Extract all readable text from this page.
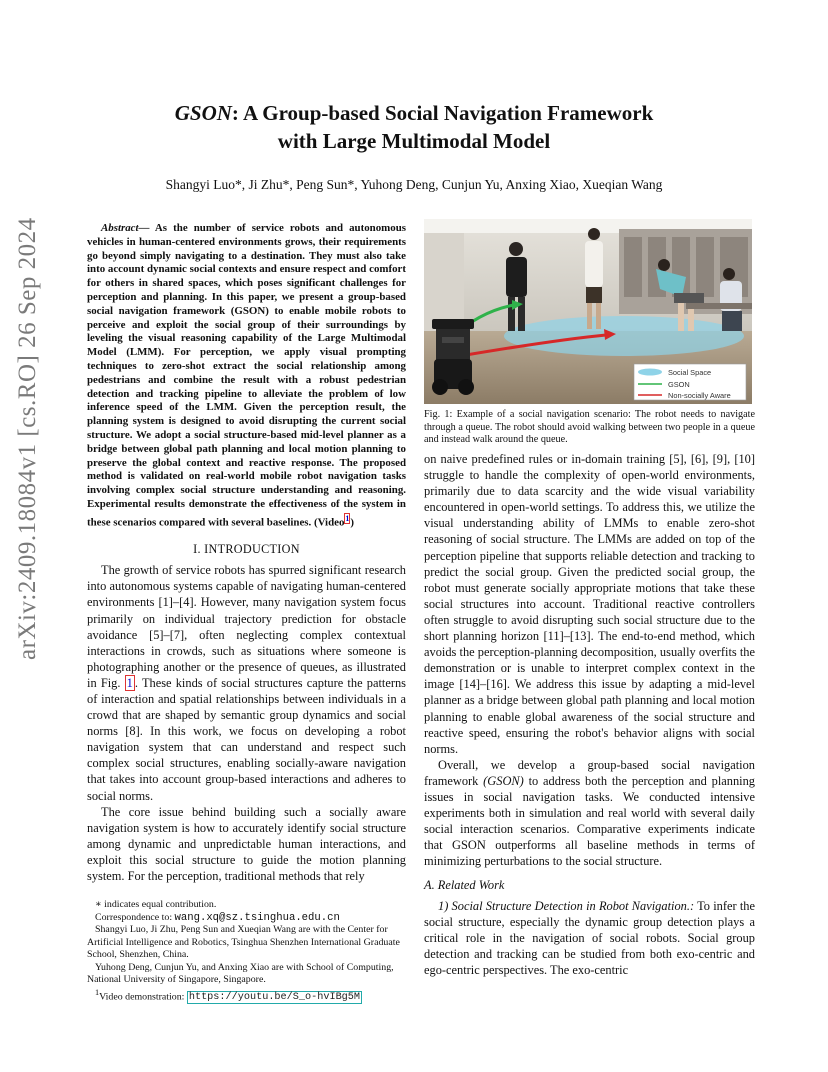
arXiv:2409.18084v1 [cs.RO] 26 Sep 2024
GSON: A Group-based Social Navigation Framework
with Large Multimodal Model
Shangyi Luo*, Ji Zhu*, Peng Sun*, Yuhong Deng, Cunjun Yu, Anxing Xiao, Xueqian Wang

Abstract— As the number of service robots and autonomous vehicles in human-centered environments grows, their requirements go beyond simply navigating to a destination. They must also take into account dynamic social contexts and ensure respect and comfort for others in shared spaces, which poses significant challenges for perception and planning. In this paper, we present a group-based social navigation framework (GSON) to enable mobile robots to perceive and exploit the social group of their surroundings by leveling the visual reasoning capability of the Large Multimodal Model (LMM). For perception, we apply visual prompting techniques to zero-shot extract the social relationship among pedestrians and combine the result with a robust pedestrian detection and tracking pipeline to alleviate the problem of low inference speed of the LMM. Given the perception result, the planning system is designed to avoid disrupting the current social structure. We adopt a social structure-based mid-level planner as a bridge between global path planning and local motion planning to preserve the global context and reactive response. The proposed method is validated on real-world mobile robot navigation tasks involving complex social structure understanding and reasoning. Experimental results demonstrate the effectiveness of the system in these scenarios compared with several baselines. (Video$^1$)

I. INTRODUCTION

The growth of service robots has spurred significant research into autonomous systems capable of navigating human-centered environments [1]–[4]. However, many navigation system focus primarily on individual trajectory prediction for obstacle avoidance [5]–[7], often neglecting complex contextual interactions in crowds, such as situations where someone is photographing another or the presence of queues, as illustrated in Fig. 1 . These kinds of social structures capture the patterns of interaction and spatial relationships between individuals in a crowd that are shaped by semantic group dynamics and social norms [8]. In this work, we focus on developing a robot navigation system that can understand and respect such complex social structures, enabling socially-aware navigation that takes into account group-based interactions and adheres to social norms.

The core issue behind building such a socially aware navigation system is how to accurately identify social structure among dynamic and unpredictable human interactions, and exploit this social structure to guide the motion planning system. For the perception, traditional methods that rely

∗ indicates equal contribution.

Correspondence to: wang.xq@sz.tsinghua.edu.cn

Shangyi Luo, Ji Zhu, Peng Sun and Xueqian Wang are with the Center for Artificial Intelligence and Robotics, Tsinghua Shenzhen International Graduate School, Shenzhen, China.

Yuhong Deng, Cunjun Yu, and Anxing Xiao are with School of Computing, National University of Singapore, Singapore.

$^1$Video demonstration: https://youtu.be/S_o-hvIBg5M

Social Space
GSON
Non-socially Aware
Fig. 1: Example of a social navigation scenario: The robot needs to navigate through a queue. The robot should avoid walking between two people in a queue and instead walk around the queue.

on naive predefined rules or in-domain training [5], [6], [9], [10] struggle to handle the complexity of open-world environments, primarily due to data scarcity and the wide visual variability encountered in open-world settings. To address this, we utilize the visual understanding ability of LMMs to enable zero-shot reasoning of social structure. The LMMs are added on top of the perception pipeline that supports reliable detection and tracking to predict the social group. Given the predicted social group, the robot must generate socially appropriate motions that take these social structures into account. Traditional reactive controllers often struggle to avoid disrupting such social structure due to the short planning horizon [11]–[13]. The end-to-end method, which avoids the perception-planning decomposition, usually overfits the demonstration or is unable to interpret complex context in the image [14]–[16]. We address this issue by adapting a mid-level planner as a bridge between global path planning and local motion planning to enable global awareness of the social structure and reactive speed, ensuring the robot's behavior aligns with social norms.

Overall, we develop a group-based social navigation framework (GSON) to address both the perception and planning issues in social navigation tasks. We conducted intensive experiments both in simulation and real world with several daily social interaction scenarios. Comparative experiments indicate that GSON outperforms all baseline methods in terms of minimizing perturbations to the social structure.

A. Related Work

1) Social Structure Detection in Robot Navigation.: To infer the social structure, especially the dynamic group detection plays a critical role in the navigation of social robots. Social group detection and tracking can be studied from both exo-centric and ego-centric perspectives. The exo-centric
